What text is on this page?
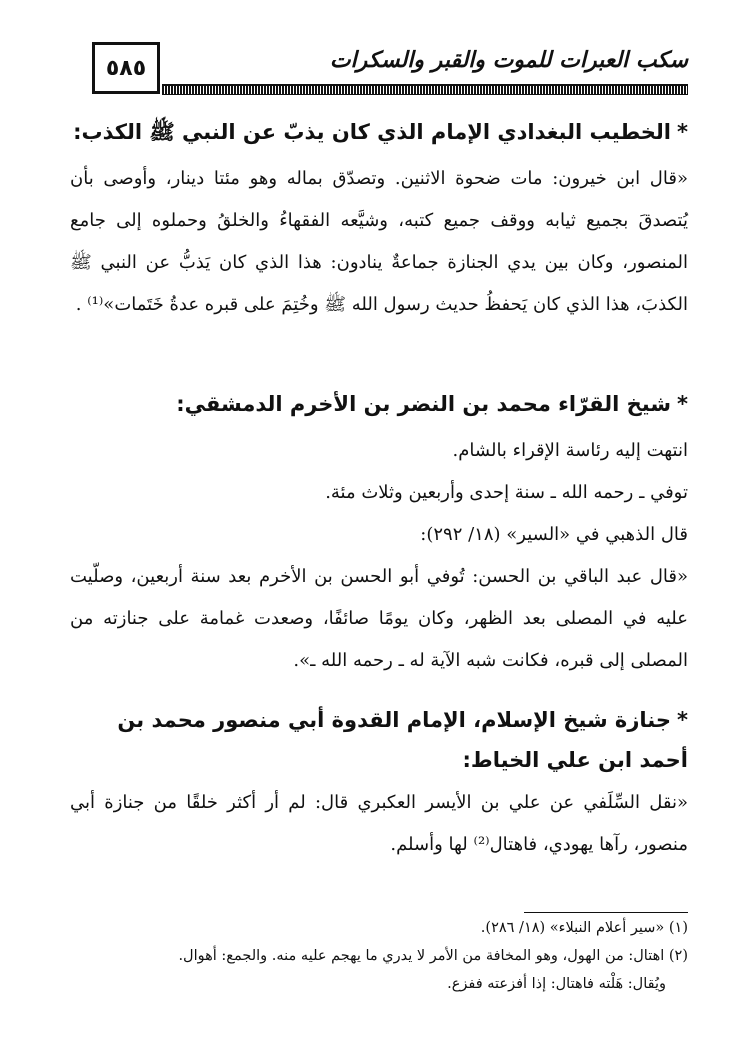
٥٨٥	سكب العبرات للموت والقبر والسكرات
*الخطيب البغدادي الإمام الذي كان يذبّ عن النبي ﷺ الكذب:
«قال ابن خيرون: مات ضحوة الاثنين. وتصدّق بماله وهو مئتا دينار، وأوصى بأن يُتصدقَ بجميع ثيابه ووقف جميع كتبه، وشيَّعه الفقهاءُ والخلقُ وحملوه إلى جامع المنصور، وكان بين يدي الجنازة جماعةٌ ينادون: هذا الذي كان يَذبُّ عن النبي ﷺ الكذبَ، هذا الذي كان يَحفظُ حديث رسول الله ﷺ وخُتِمَ على قبره عدةُ خَتَمات»⁽¹⁾ .
*شيخ القرّاء محمد بن النضر بن الأخرم الدمشقي:
انتهت إليه رئاسة الإقراء بالشام.
توفي ـ رحمه الله ـ سنة إحدى وأربعين وثلاث مئة.
قال الذهبي في «السير» (١٨/ ٢٩٢):
«قال عبد الباقي بن الحسن: تُوفي أبو الحسن بن الأخرم بعد سنة أربعين، وصلّيت عليه في المصلى بعد الظهر، وكان يومًا صائفًا، وصعدت غمامة على جنازته من المصلى إلى قبره، فكانت شبه الآية له ـ رحمه الله ـ».
*جنازة شيخ الإسلام، الإمام القدوة أبي منصور محمد بن أحمد ابن علي الخياط:
«نقل السِّلَفي عن علي بن الأيسر العكبري قال: لم أر أكثر خلقًا من جنازة أبي منصور، رآها يهودي، فاهتال⁽²⁾ لها وأسلم.
(١) «سير أعلام النبلاء» (١٨/ ٢٨٦).
(٢) اهتال: من الهول، وهو المخافة من الأمر لا يدري ما يهجم عليه منه. والجمع: أهوال.
ويُقال: هَلْته فاهتال: إذا أفزعته ففزع.
